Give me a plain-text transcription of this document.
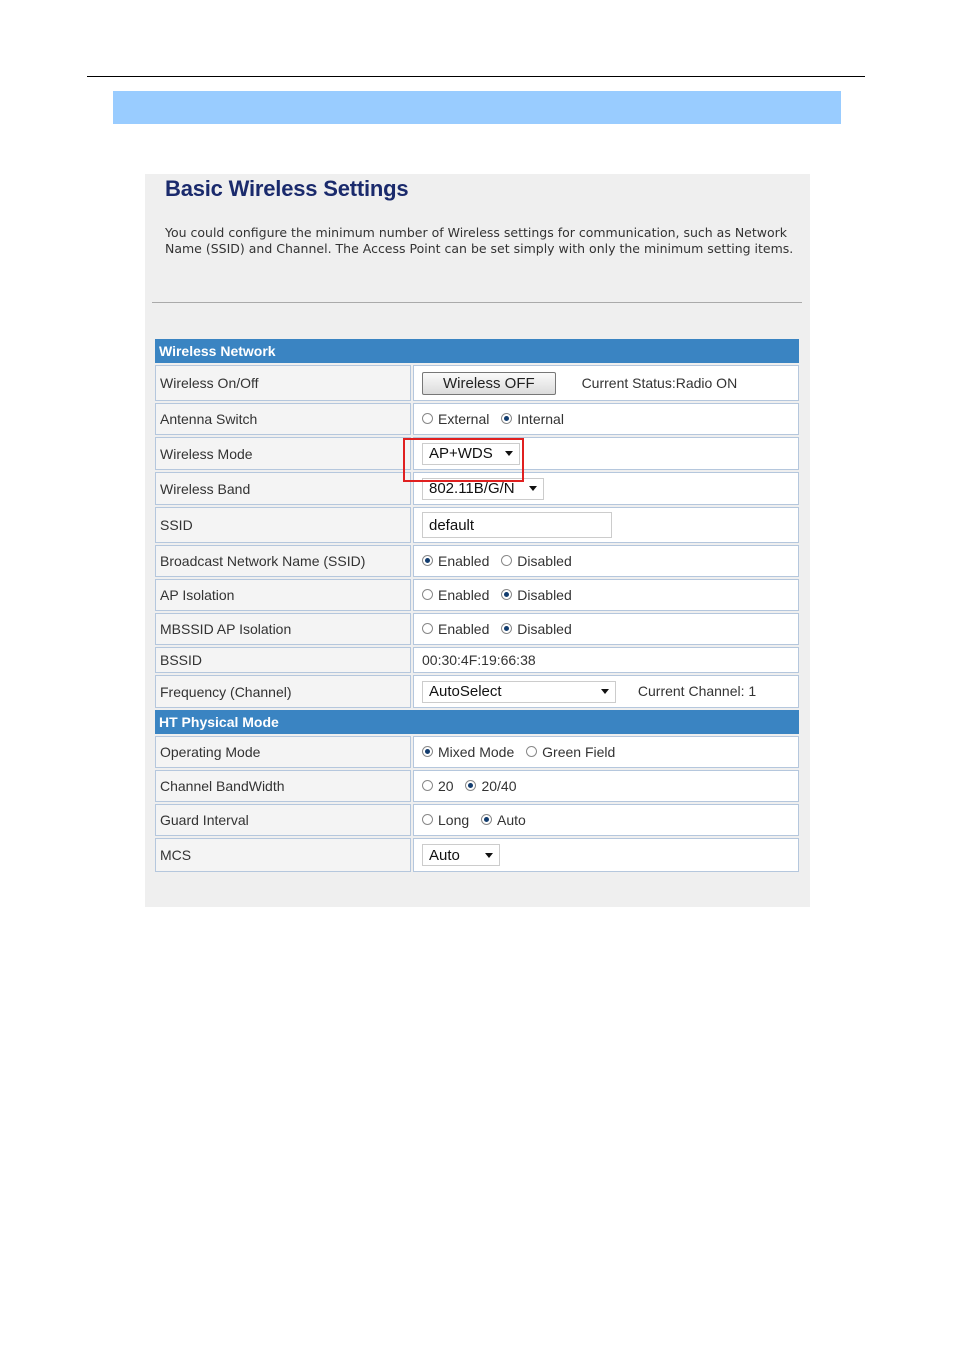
Basic Wireless Settings
You could configure the minimum number of Wireless settings for communication, such as Network Name (SSID) and Channel. The Access Point can be set simply with only the minimum setting items.
Wireless Network	
Wireless On/Off	Wireless OFF Current Status:Radio ON
Antenna Switch	External
Internal

Wireless Mode	AP+WDS

Wireless Band	802.11B/G/N

SSID	default
Broadcast Network Name (SSID)	Enabled
Disabled

AP Isolation	Enabled
Disabled

MBSSID AP Isolation	Enabled
Disabled

BSSID	00:30:4F:19:66:38
Frequency (Channel)	AutoSelect Current Channel: 1
HT Physical Mode	
Operating Mode	Mixed Mode
Green Field

Channel BandWidth	20
20/40

Guard Interval	Long
Auto

MCS	Auto
